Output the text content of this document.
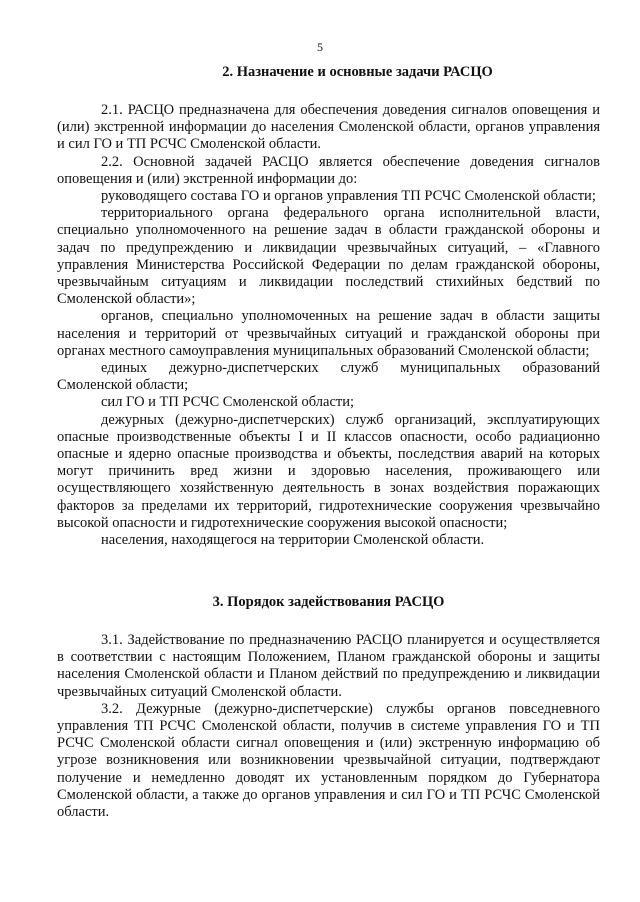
5
2. Назначение и основные задачи РАСЦО

2.1. РАСЦО предназначена для обеспечения доведения сигналов оповещения и (или) экстренной информации до населения Смоленской области, органов управления и сил ГО и ТП РСЧС Смоленской области.

2.2. Основной задачей РАСЦО является обеспечение доведения сигналов оповещения и (или) экстренной информации до:

руководящего состава ГО и органов управления ТП РСЧС Смоленской области;

территориального органа федерального органа исполнительной власти, специально уполномоченного на решение задач в области гражданской обороны и задач по предупреждению и ликвидации чрезвычайных ситуаций, – «Главного управления Министерства Российской Федерации по делам гражданской обороны, чрезвычайным ситуациям и ликвидации последствий стихийных бедствий по Смоленской области»;

органов, специально уполномоченных на решение задач в области защиты населения и территорий от чрезвычайных ситуаций и гражданской обороны при органах местного самоуправления муниципальных образований Смоленской области;

единых дежурно-диспетчерских служб муниципальных образований Смоленской области;

сил ГО и ТП РСЧС Смоленской области;

дежурных (дежурно-диспетчерских) служб организаций, эксплуатирующих опасные производственные объекты I и II классов опасности, особо радиационно опасные и ядерно опасные производства и объекты, последствия аварий на которых могут причинить вред жизни и здоровью населения, проживающего или осуществляющего хозяйственную деятельность в зонах воздействия поражающих факторов за пределами их территорий, гидротехнические сооружения чрезвычайно высокой опасности и гидротехнические сооружения высокой опасности;

населения, находящегося на территории Смоленской области.

3. Порядок задействования РАСЦО

3.1. Задействование по предназначению РАСЦО планируется и осуществляется в соответствии с настоящим Положением, Планом гражданской обороны и защиты населения Смоленской области и Планом действий по предупреждению и ликвидации чрезвычайных ситуаций Смоленской области.

3.2. Дежурные (дежурно-диспетчерские) службы органов повседневного управления ТП РСЧС Смоленской области, получив в системе управления ГО и ТП РСЧС Смоленской области сигнал оповещения и (или) экстренную информацию об угрозе возникновения или возникновении чрезвычайной ситуации, подтверждают получение и немедленно доводят их установленным порядком до Губернатора Смоленской области, а также до органов управления и сил ГО и ТП РСЧС Смоленской области.
